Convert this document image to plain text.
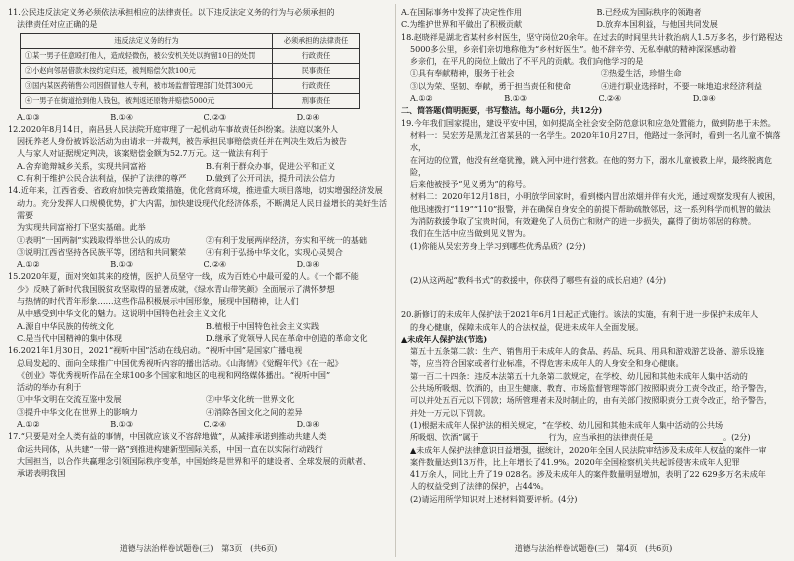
11.公民违反法定义务必须依法承担相应的法律责任。以下违反法定义务的行为与必须承担的

法律责任对应正确的是

违反法定义务的行为	必须承担的法律责任
①某一男子任意殴打他人，造成轻微伤，被公安机关处以拘留10日的处罚	行政责任
②小赵向邻居借款未按约定归还，被判赔偿欠款100元	民事责任
③国内某医药销售公司因假冒他人专利，被市场监督管理部门处罚300元	行政责任
④一男子在街道拾到他人钱包，被判返还原物并赔偿5000元	刑事责任
A.①③	B.①④	C.②③	D.②④

12.2020年8月14日，南昌县人民法院开庭审理了一起机动车事故责任纠纷案。法庭以案外人

因抚养老人身份被诉讼活动为由请求一并裁判，被告承担民事赔偿责任并在判决生效后为被告

人与家人对证据规定判决，该案赔偿金额为52.7万元。这一做法有利于

A.舍弃诡辩城乡关系，实现共同富裕	B.有利于群众办事，促进公平和正义
C.有利于维护公民合法利益，保护了法律的尊严	D.做到了公开司法，提升司法公信力

14.近年来，江西省委、省政府加快完善政策措施，优化营商环境，推进重大项目落地，切实增强经济发展

动力。充分发挥人口规模优势，扩大内需，加快建设现代化经济体系，不断满足人民日益增长的美好生活需要

为实现共同富裕打下坚实基础。此举

①表明“一国两制”实践取得举世公认的成功	②有利于发展两岸经济，夯实和平统一的基础
③说明江西省坚持各民族平等，团结和共同繁荣	④有利于弘扬中华文化，实现心灵契合
A.①②	B.①③	C.②④	D.③④

15.2020年夏，面对突如其来的疫情，医护人员坚守一线，成为百姓心中最可爱的人。《一个都不能

少》反映了新时代我国脱贫攻坚取得的显著成就，《绿水青山带笑颜》全面展示了满怀梦想

与热情的时代青年形象……这些作品积极展示中国形象，展现中国精神，让人们

从中感受到中华文化的魅力。这说明中国特色社会主义文化

A.源自中华民族的传统文化	B.植根于中国特色社会主义实践
C.是当代中国精神的集中体现	D.继承了党领导人民在革命中创造的革命文化

16.2021年1月30日，2021“视听中国”活动在线启动。“视听中国”是国家广播电视

总局发起的、面向全球推广中国优秀视听内容的播出活动。《山海情》《觉醒年代》《在一起》

《创业》等优秀视听作品在全球100多个国家和地区的电视和网络媒体播出。“视听中国”

活动的举办有利于

①中华文明在交流互鉴中发展	②中华文化统一世界文化
③提升中华文化在世界上的影响力	④消除各国文化之间的差异
A.①②	B.①③	C.②④	D.③④

17.“只要是对全人类有益的事情，中国就应该义不容辞地做”，从减排承诺到推动共建人类

命运共同体，从共建“一带一路”到推进构建新型国际关系，中国一直在以实际行动践行

大国担当，以合作共赢理念引领国际秩序变革，中国始终是世界和平的建设者、全球发展的贡献者、

承诺表明我国

道德与法治样卷试题卷(三)　第3页　(共6页)
A.在国际事务中发挥了决定性作用	B.已经成为国际秩序的领跑者
C.为维护世界和平做出了积极贡献	D.放弃本国利益，与他国共同发展

18.赵晓祥是湖北省某村乡村医生，坚守岗位20余年。在过去的时间里共计救治病人1.5万多名，步行路程达

5000多公里，乡亲们亲切地称他为“乡村好医生”。他不辞辛劳、无私奉献的精神深深感动着

乡亲们，在平凡的岗位上做出了不平凡的贡献。我们向他学习的是

①具有奉献精神，服务于社会	②热爱生活，珍惜生命
③以为荣、坚韧、奉献，勇于担当责任和使命	④进行职业选择时，不要一味地追求经济利益
A.①②	B.①③	C.②④	D.③④

二、简答题(简明扼要，书写整洁。每小题6分，共12分)

19.今年我们国家提出，建设平安中国，如何提高全社会安全防范意识和应急处置能力，做到防患于未然。

材料一：吴宏芳是黑龙江省某县的一名学生。2020年10月27日，他路过一条河时，看到一名儿童不慎落水，

在河边的位置，他没有丝毫犹豫，跳入河中进行营救。在他的努力下，溺水儿童被救上岸，最终脱离危险，

后来他被授予“见义勇为”的称号。

材料二：2020年12月18日，小明放学回家时，看到楼内冒出浓烟并伴有火光，通过观察发现有人被困，

他迅速拨打“119”“110”报警，并在确保自身安全的前提下帮助疏散邻居，这一系列科学而机智的做法

为消防救援争取了宝贵时间，有效避免了人员伤亡和财产的进一步损失，赢得了街坊邻居的称赞。

我们在生活中应当做到见义智为。

(1)你能从吴宏芳身上学习到哪些优秀品质？(2分)

(2)从这两起“教科书式”的救援中，你获得了哪些有益的成长启迪？(4分)

20.新修订的未成年人保护法于2021年6月1日起正式施行。该法的实施，有利于进一步保护未成年人

的身心健康，保障未成年人的合法权益，促进未成年人全面发展。

▲未成年人保护法(节选)

第五十五条第二款：生产、销售用于未成年人的食品、药品、玩具、用具和游戏游艺设备、游乐设施

等，应当符合国家或者行业标准，不得危害未成年人的人身安全和身心健康。

第一百二十四条：违反本法第五十九条第二款规定，在学校、幼儿园和其他未成年人集中活动的

公共场所吸烟、饮酒的，由卫生健康、教育、市场监督管理等部门按照职责分工责令改正，给予警告，

可以并处五百元以下罚款；场所管理者未及时制止的，由有关部门按照职责分工责令改正，给予警告，

并处一万元以下罚款。

(1)根据未成年人保护法的相关规定，“在学校、幼儿园和其他未成年人集中活动的公共场

所吸烟、饮酒”属于	行为，应当承担的法律责任是	。(2分)

▲未成年人保护法律意识日益增强，据统计，2020年全国人民法院审结涉及未成年人权益的案件一审

案件数量达到13万件，比上年增长了41.9%。2020年全国检察机关共起诉侵害未成年人犯罪

41万余人，同比上升了19 028名。涉及未成年人的案件数量明显增加，表明了22 629多万名未成年

人的权益受到了法律的保护，占44%。

(2)请运用所学知识对上述材料简要评析。(4分)

道德与法治样卷试题卷(三)　第4页　(共6页)
